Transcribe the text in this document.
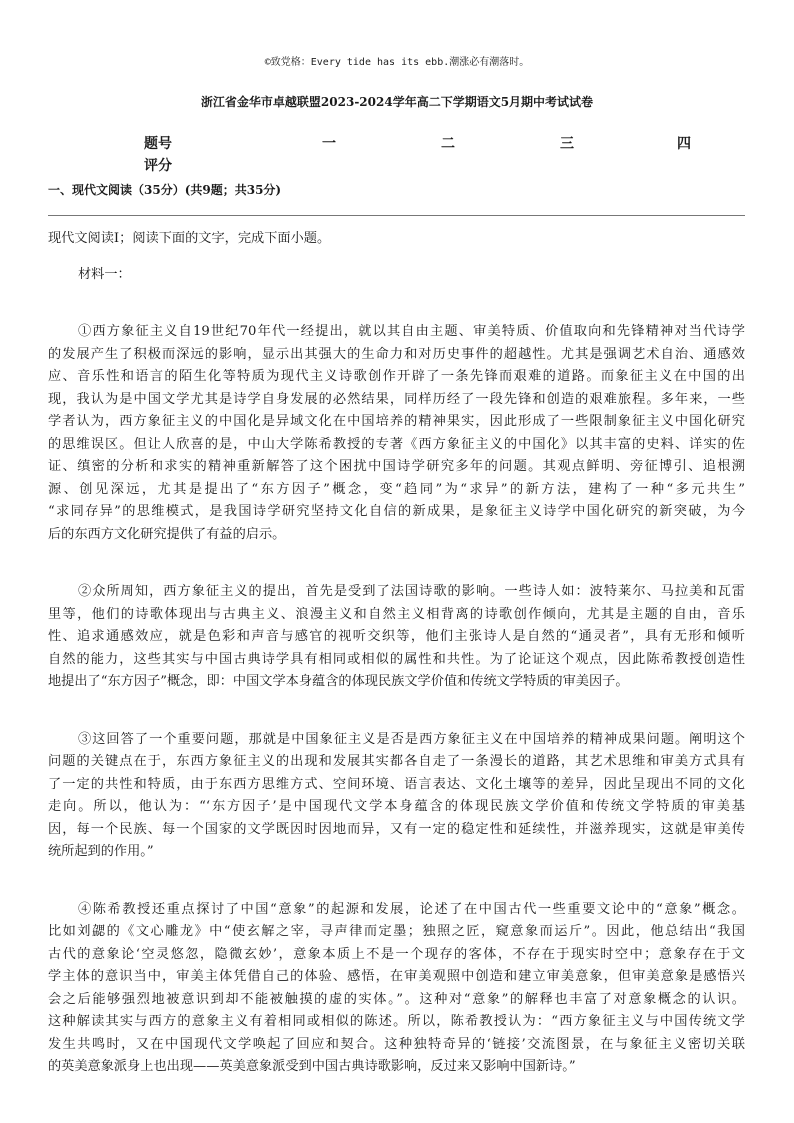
©致党格：Every tide has its ebb.潮涨必有潮落时。
浙江省金华市卓越联盟2023-2024学年高二下学期语文5月期中考试试卷
题号	一	二	三	四
评分
一、现代文阅读（35分）(共9题；共35分)

现代文阅读Ⅰ；阅读下面的文字，完成下面小题。

材料一：

①西方象征主义自19世纪70年代一经提出，就以其自由主题、审美特质、价值取向和先锋精神对当代诗学

的发展产生了积极而深远的影响，显示出其强大的生命力和对历史事件的超越性。尤其是强调艺术自治、通感效

应、音乐性和语言的陌生化等特质为现代主义诗歌创作开辟了一条先锋而艰难的道路。而象征主义在中国的出

现，我认为是中国文学尤其是诗学自身发展的必然结果，同样历经了一段先锋和创造的艰难旅程。多年来，一些

学者认为，西方象征主义的中国化是异域文化在中国培养的精神果实，因此形成了一些限制象征主义中国化研究

的思维误区。但让人欣喜的是，中山大学陈希教授的专著《西方象征主义的中国化》以其丰富的史料、详实的佐

证、缜密的分析和求实的精神重新解答了这个困扰中国诗学研究多年的问题。其观点鲜明、旁征博引、追根溯

源、创见深远，尤其是提出了“东方因子”概念，变“趋同”为“求异”的新方法，建构了一种“多元共生”

“求同存异”的思维模式，是我国诗学研究坚持文化自信的新成果，是象征主义诗学中国化研究的新突破，为今

后的东西方文化研究提供了有益的启示。

②众所周知，西方象征主义的提出，首先是受到了法国诗歌的影响。一些诗人如：波特莱尔、马拉美和瓦雷

里等，他们的诗歌体现出与古典主义、浪漫主义和自然主义相背离的诗歌创作倾向，尤其是主题的自由，音乐

性、追求通感效应，就是色彩和声音与感官的视听交织等，他们主张诗人是自然的“通灵者”，具有无形和倾听

自然的能力，这些其实与中国古典诗学具有相同或相似的属性和共性。为了论证这个观点，因此陈希教授创造性

地提出了“东方因子”概念，即：中国文学本身蕴含的体现民族文学价值和传统文学特质的审美因子。

③这回答了一个重要问题，那就是中国象征主义是否是西方象征主义在中国培养的精神成果问题。阐明这个

问题的关键点在于，东西方象征主义的出现和发展其实都各自走了一条漫长的道路，其艺术思维和审美方式具有

了一定的共性和特质，由于东西方思维方式、空间环境、语言表达、文化土壤等的差异，因此呈现出不同的文化

走向。所以，他认为：“‘东方因子’是中国现代文学本身蕴含的体现民族文学价值和传统文学特质的审美基

因，每一个民族、每一个国家的文学既因时因地而异，又有一定的稳定性和延续性，并滋养现实，这就是审美传

统所起到的作用。”

④陈希教授还重点探讨了中国“意象”的起源和发展，论述了在中国古代一些重要文论中的“意象”概念。

比如刘勰的《文心雕龙》中“使玄解之宰，寻声律而定墨；独照之匠，窥意象而运斤”。因此，他总结出“我国

古代的意象论‘空灵悠忽，隐微玄妙’，意象本质上不是一个现存的客体，不存在于现实时空中；意象存在于文

学主体的意识当中，审美主体凭借自己的体验、感悟，在审美观照中创造和建立审美意象，但审美意象是感悟兴

会之后能够强烈地被意识到却不能被触摸的虚的实体。”。这种对“意象”的解释也丰富了对意象概念的认识。

这种解读其实与西方的意象主义有着相同或相似的陈述。所以，陈希教授认为：“西方象征主义与中国传统文学

发生共鸣时，又在中国现代文学唤起了回应和契合。这种独特奇异的‘链接’交流图景，在与象征主义密切关联

的英美意象派身上也出现——英美意象派受到中国古典诗歌影响，反过来又影响中国新诗。”
